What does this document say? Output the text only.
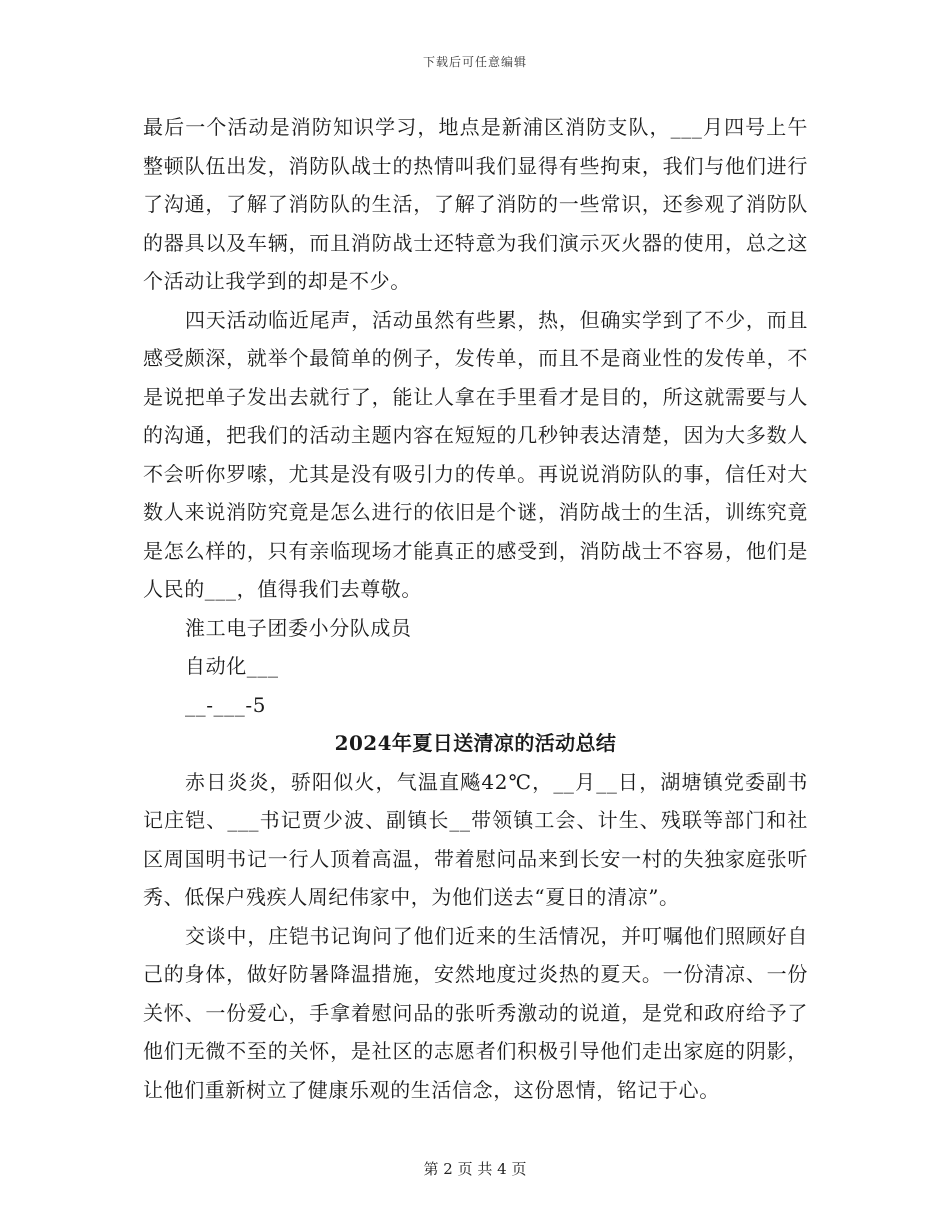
下载后可任意编辑

最后一个活动是消防知识学习，地点是新浦区消防支队，___月四号上午整顿队伍出发，消防队战士的热情叫我们显得有些拘束，我们与他们进行了沟通，了解了消防队的生活，了解了消防的一些常识，还参观了消防队的器具以及车辆，而且消防战士还特意为我们演示灭火器的使用，总之这个活动让我学到的却是不少。

四天活动临近尾声，活动虽然有些累，热，但确实学到了不少，而且感受颇深，就举个最简单的例子，发传单，而且不是商业性的发传单，不是说把单子发出去就行了，能让人拿在手里看才是目的，所这就需要与人的沟通，把我们的活动主题内容在短短的几秒钟表达清楚，因为大多数人不会听你罗嗦，尤其是没有吸引力的传单。再说说消防队的事，信任对大数人来说消防究竟是怎么进行的依旧是个谜，消防战士的生活，训练究竟是怎么样的，只有亲临现场才能真正的感受到，消防战士不容易，他们是人民的___，值得我们去尊敬。

淮工电子团委小分队成员

自动化___

__-___-5

2024年夏日送清凉的活动总结

赤日炎炎，骄阳似火，气温直飚42℃，__月__日，湖塘镇党委副书记庄铠、___书记贾少波、副镇长__带领镇工会、计生、残联等部门和社区周国明书记一行人顶着高温，带着慰问品来到长安一村的失独家庭张听秀、低保户残疾人周纪伟家中，为他们送去“夏日的清凉”。

交谈中，庄铠书记询问了他们近来的生活情况，并叮嘱他们照顾好自己的身体，做好防暑降温措施，安然地度过炎热的夏天。一份清凉、一份关怀、一份爱心，手拿着慰问品的张听秀激动的说道，是党和政府给予了他们无微不至的关怀，是社区的志愿者们积极引导他们走出家庭的阴影，让他们重新树立了健康乐观的生活信念，这份恩情，铭记于心。

第 2 页 共 4 页
